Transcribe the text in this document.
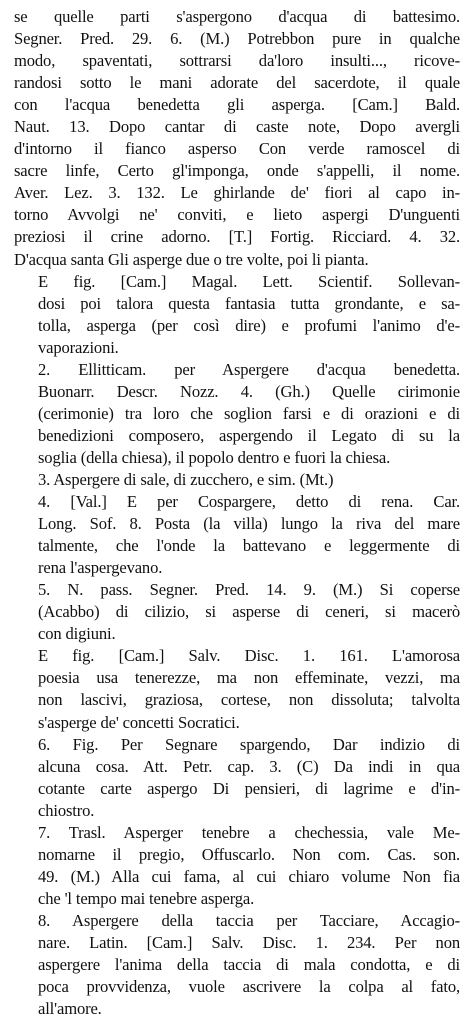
se quelle parti s'aspergono d'acqua di battesimo.
Segner. Pred. 29. 6. (M.) Potrebbon pure in qualche
modo, spaventati, sottrarsi da'loro insulti..., ricove-
randosi sotto le mani adorate del sacerdote, il quale
con l'acqua benedetta gli asperga. [Cam.] Bald.
Naut. 13. Dopo cantar di caste note, Dopo avergli
d'intorno il fianco asperso Con verde ramoscel di
sacre linfe, Certo gl'imponga, onde s'appelli, il nome.
Aver. Lez. 3. 132. Le ghirlande de' fiori al capo in-
torno Avvolgi ne' conviti, e lieto aspergi D'unguenti
preziosi il crine adorno. [T.] Fortig. Ricciard. 4. 32.
D'acqua santa Gli asperge due o tre volte, poi li pianta.
E fig. [Cam.] Magal. Lett. Scientif. Sollevan-
dosi poi talora questa fantasia tutta grondante, e sa-
tolla, asperga (per così dire) e profumi l'animo d'e-
vaporazioni.
2. Ellitticam. per Aspergere d'acqua benedetta.
Buonarr. Descr. Nozz. 4. (Gh.) Quelle cirimonie
(cerimonie) tra loro che soglion farsi e di orazioni e di
benedizioni composero, aspergendo il Legato di su la
soglia (della chiesa), il popolo dentro e fuori la chiesa.
3. Aspergere di sale, di zucchero, e sim. (Mt.)
4. [Val.] E per Cospargere, detto di rena. Car.
Long. Sof. 8. Posta (la villa) lungo la riva del mare
talmente, che l'onde la battevano e leggermente di
rena l'aspergevano.
5. N. pass. Segner. Pred. 14. 9. (M.) Si coperse
(Acabbo) di cilizio, si asperse di ceneri, si macerò
con digiuni.
E fig. [Cam.] Salv. Disc. 1. 161. L'amorosa
poesia usa tenerezze, ma non effeminate, vezzi, ma
non lascivi, graziosa, cortese, non dissoluta; talvolta
s'asperge de' concetti Socratici.
6. Fig. Per Segnare spargendo, Dar indizio di
alcuna cosa. Att. Petr. cap. 3. (C) Da indi in qua
cotante carte aspergo Di pensieri, di lagrime e d'in-
chiostro.
7. Trasl. Asperger tenebre a chechessia, vale Me-
nomarne il pregio, Offuscarlo. Non com. Cas. son.
49. (M.) Alla cui fama, al cui chiaro volume Non fia
che 'l tempo mai tenebre asperga.
8. Aspergere della taccia per Tacciare, Accagio-
nare. Latin. [Cam.] Salv. Disc. 1. 234. Per non
aspergere l'anima della taccia di mala condotta, e di
poca provvidenza, vuole ascrivere la colpa al fato,
all'amore.
